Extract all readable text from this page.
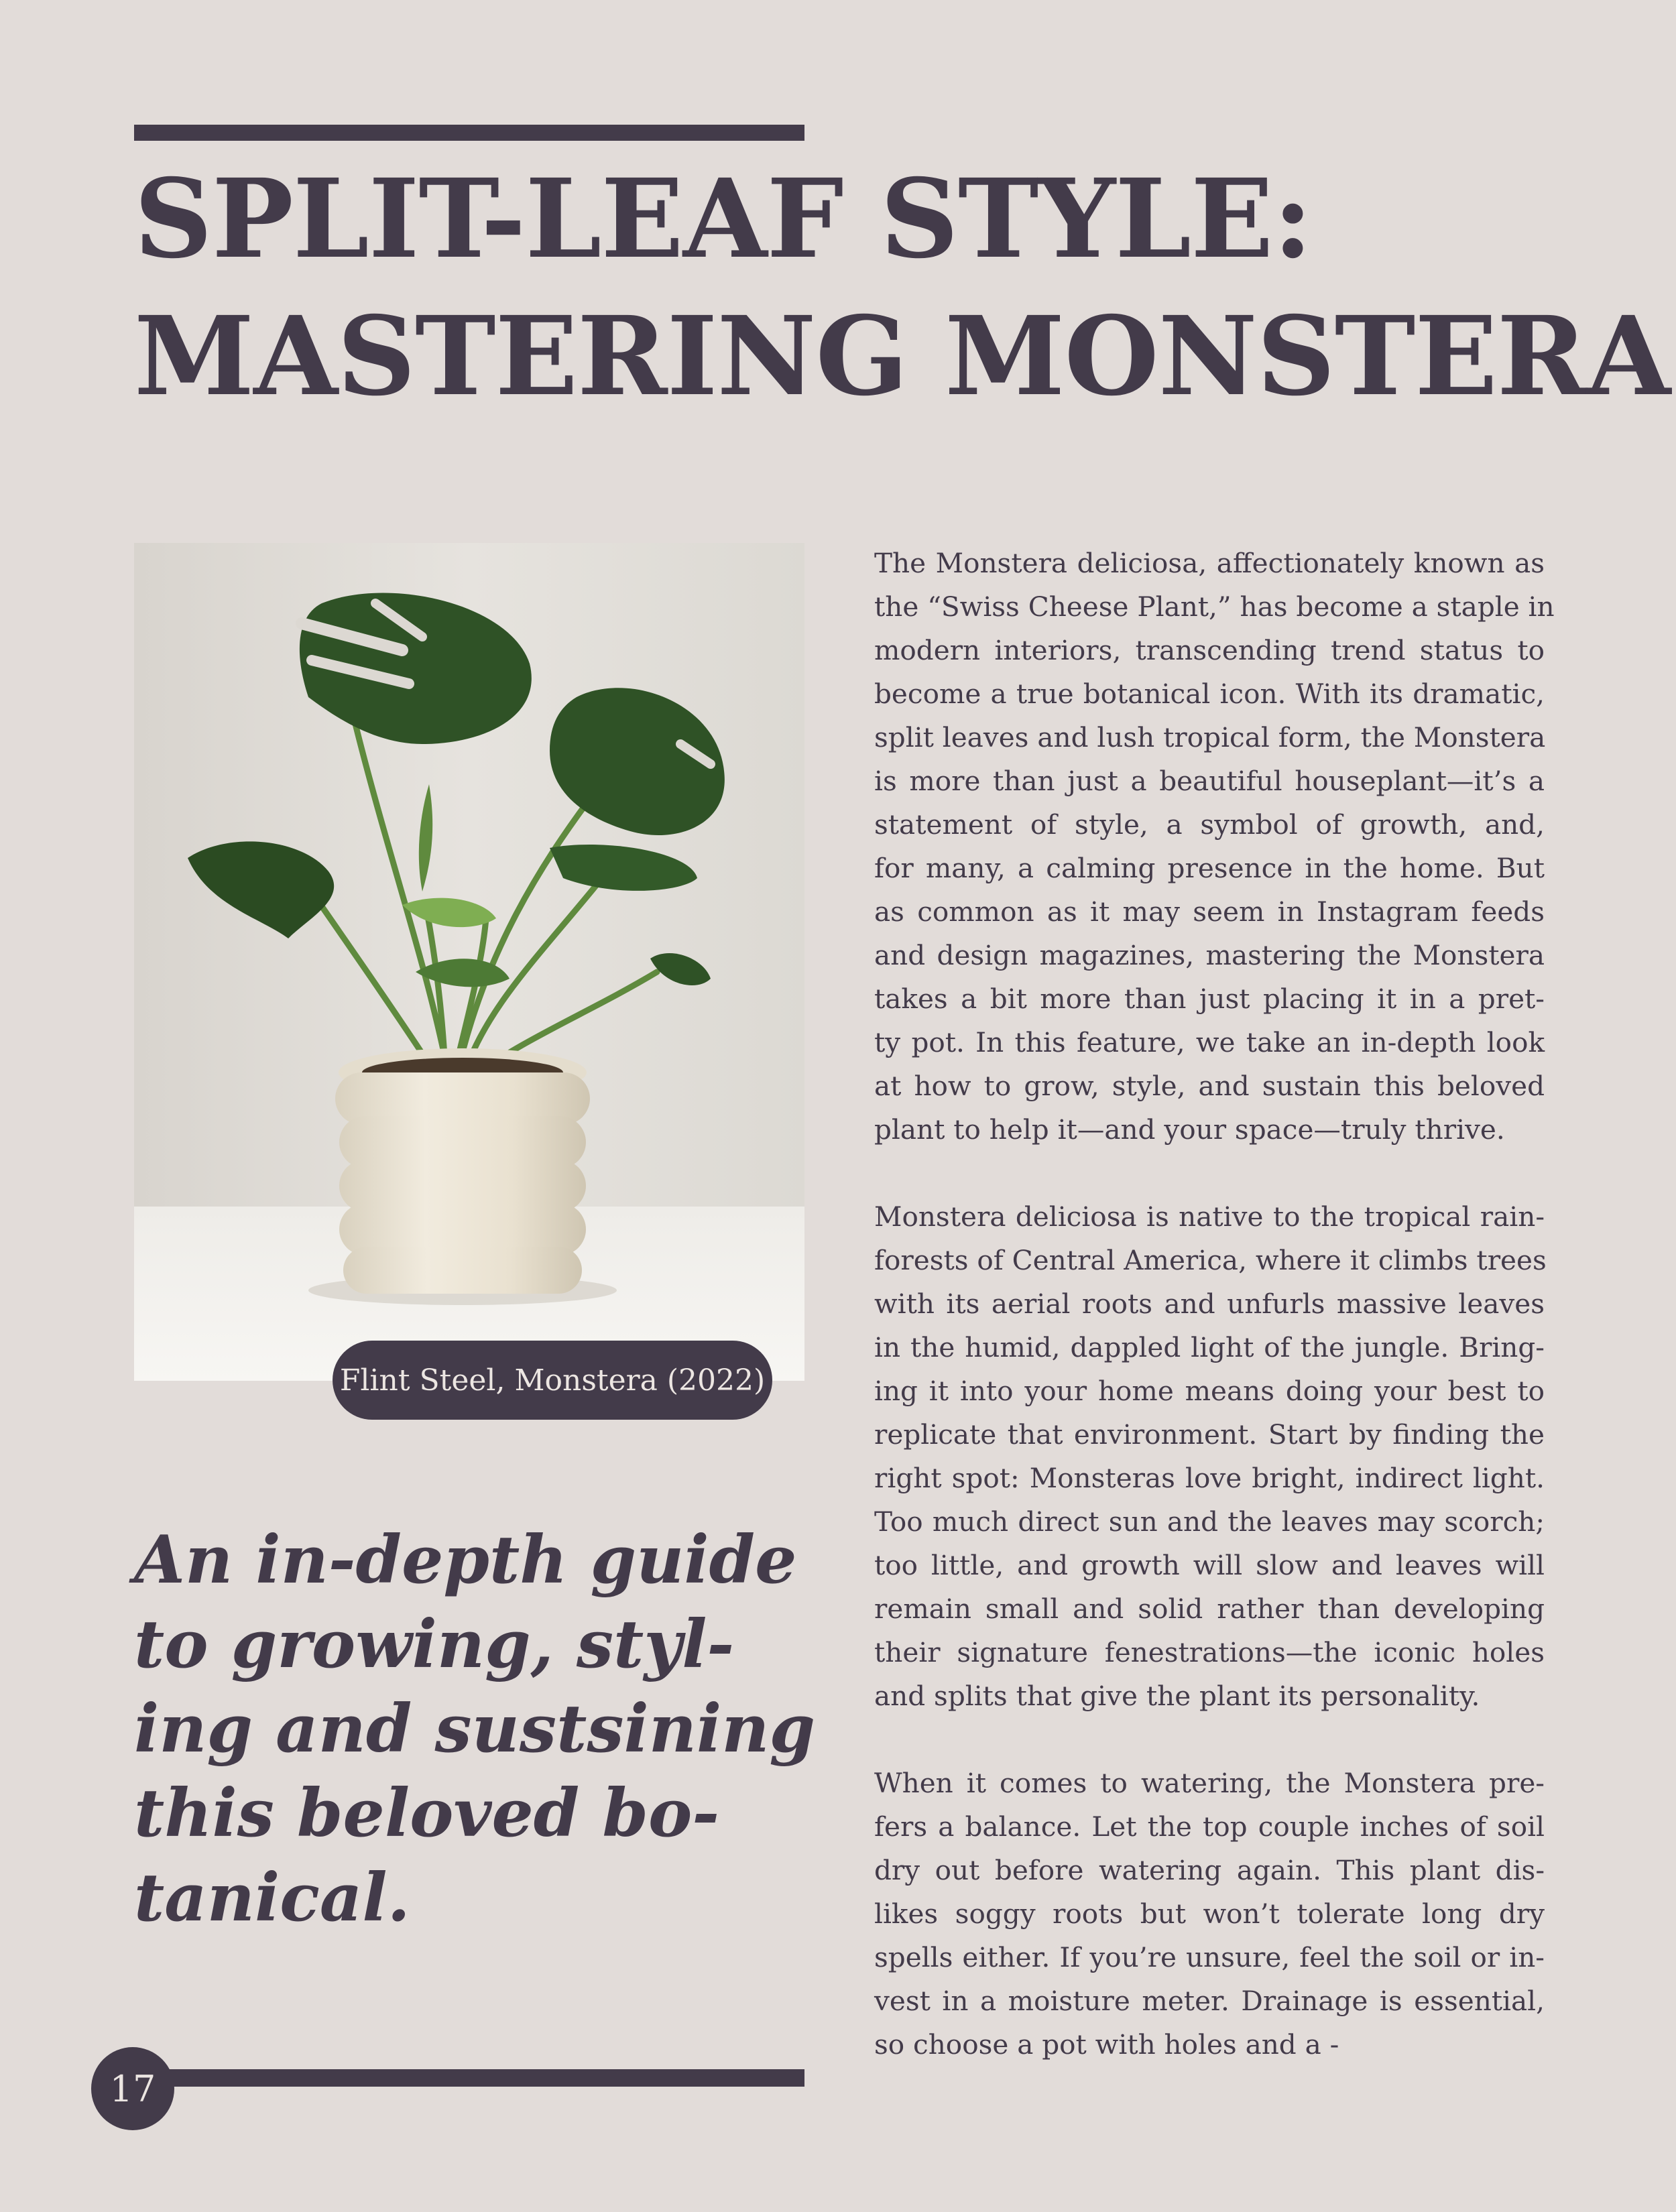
SPLIT-LEAF STYLE:
MASTERING MONSTERA
Flint Steel, Monstera (2022)
An in-depth guide
to growing, styl-
ing and sustsining
this beloved bo-
tanical.

The Monstera deliciosa, affectionately known as
the “Swiss Cheese Plant,” has become a staple in
modern interiors, transcending trend status to
become a true botanical icon. With its dramatic,
split leaves and lush tropical form, the Monstera
is more than just a beautiful houseplant—it’s a
statement of style, a symbol of growth, and,
for many, a calming presence in the home. But
as common as it may seem in Instagram feeds
and design magazines, mastering the Monstera
takes a bit more than just placing it in a pret-
ty pot. In this feature, we take an in-depth look
at how to grow, style, and sustain this beloved
plant to help it—and your space—truly thrive.

Monstera deliciosa is native to the tropical rain-
forests of Central America, where it climbs trees
with its aerial roots and unfurls massive leaves
in the humid, dappled light of the jungle. Bring-
ing it into your home means doing your best to
replicate that environment. Start by finding the
right spot: Monsteras love bright, indirect light.
Too much direct sun and the leaves may scorch;
too little, and growth will slow and leaves will
remain small and solid rather than developing
their signature fenestrations—the iconic holes
and splits that give the plant its personality.

When it comes to watering, the Monstera pre-
fers a balance. Let the top couple inches of soil
dry out before watering again. This plant dis-
likes soggy roots but won’t tolerate long dry
spells either. If you’re unsure, feel the soil or in-
vest in a moisture meter. Drainage is essential,
so choose a pot with holes and a -

17
